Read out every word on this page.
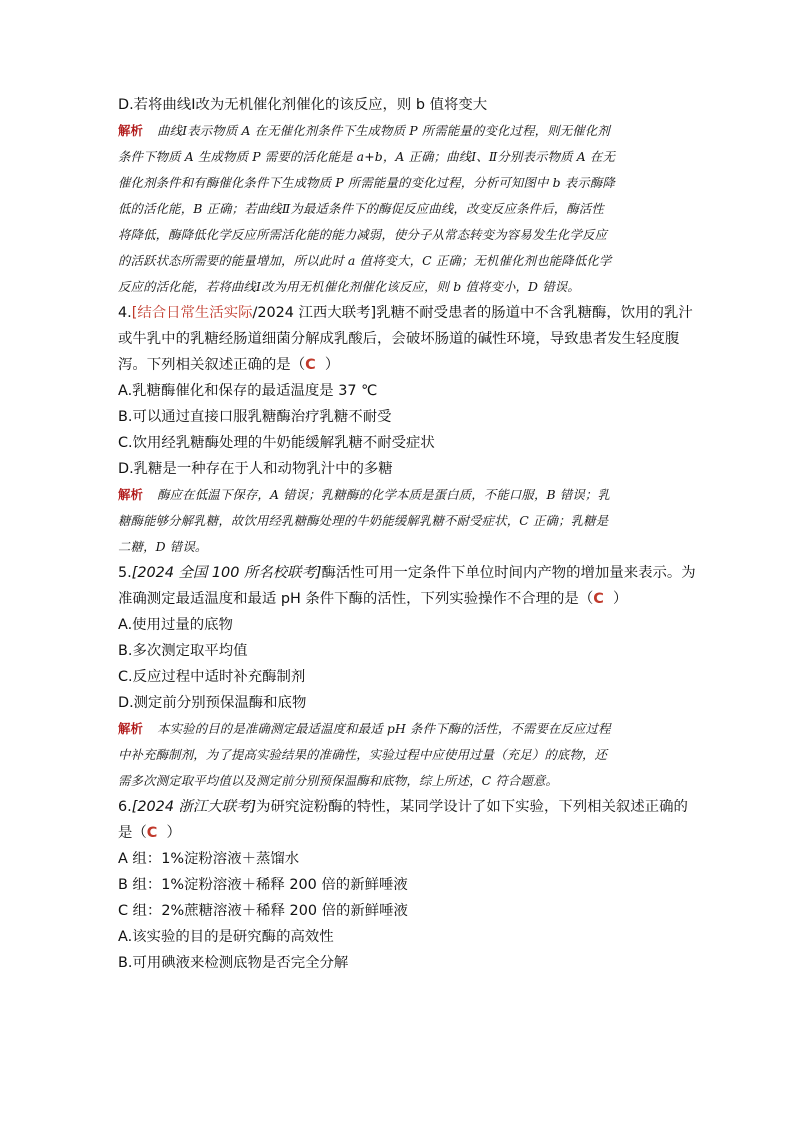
D.若将曲线Ⅰ改为无机催化剂催化的该反应，则 b 值将变大
解析 曲线Ⅰ表示物质 A 在无催化剂条件下生成物质 P 所需能量的变化过程，则无催化剂
条件下物质 A 生成物质 P 需要的活化能是 a+b，A 正确；曲线Ⅰ、Ⅱ分别表示物质 A 在无
催化剂条件和有酶催化条件下生成物质 P 所需能量的变化过程，分析可知图中 b 表示酶降
低的活化能，B 正确；若曲线Ⅱ为最适条件下的酶促反应曲线，改变反应条件后，酶活性
将降低，酶降低化学反应所需活化能的能力减弱，使分子从常态转变为容易发生化学反应
的活跃状态所需要的能量增加，所以此时 a 值将变大，C 正确；无机催化剂也能降低化学
反应的活化能，若将曲线Ⅰ改为用无机催化剂催化该反应，则 b 值将变小，D 错误。
4.[结合日常生活实际/2024 江西大联考]乳糖不耐受患者的肠道中不含乳糖酶，饮用的乳汁
或牛乳中的乳糖经肠道细菌分解成乳酸后，会破坏肠道的碱性环境，导致患者发生轻度腹
泻。下列相关叙述正确的是（C ）
A.乳糖酶催化和保存的最适温度是 37 ℃
B.可以通过直接口服乳糖酶治疗乳糖不耐受
C.饮用经乳糖酶处理的牛奶能缓解乳糖不耐受症状
D.乳糖是一种存在于人和动物乳汁中的多糖
解析 酶应在低温下保存，A 错误；乳糖酶的化学本质是蛋白质，不能口服，B 错误；乳
糖酶能够分解乳糖，故饮用经乳糖酶处理的牛奶能缓解乳糖不耐受症状，C 正确；乳糖是
二糖，D 错误。
5.[2024 全国 100 所名校联考]酶活性可用一定条件下单位时间内产物的增加量来表示。为
准确测定最适温度和最适 pH 条件下酶的活性，下列实验操作不合理的是（C ）
A.使用过量的底物
B.多次测定取平均值
C.反应过程中适时补充酶制剂
D.测定前分别预保温酶和底物
解析 本实验的目的是准确测定最适温度和最适 pH 条件下酶的活性，不需要在反应过程
中补充酶制剂，为了提高实验结果的准确性，实验过程中应使用过量（充足）的底物，还
需多次测定取平均值以及测定前分别预保温酶和底物，综上所述，C 符合题意。
6.[2024 浙江大联考]为研究淀粉酶的特性，某同学设计了如下实验，下列相关叙述正确的
是（C ）
A 组：1%淀粉溶液＋蒸馏水
B 组：1%淀粉溶液＋稀释 200 倍的新鲜唾液
C 组：2%蔗糖溶液＋稀释 200 倍的新鲜唾液
A.该实验的目的是研究酶的高效性
B.可用碘液来检测底物是否完全分解
